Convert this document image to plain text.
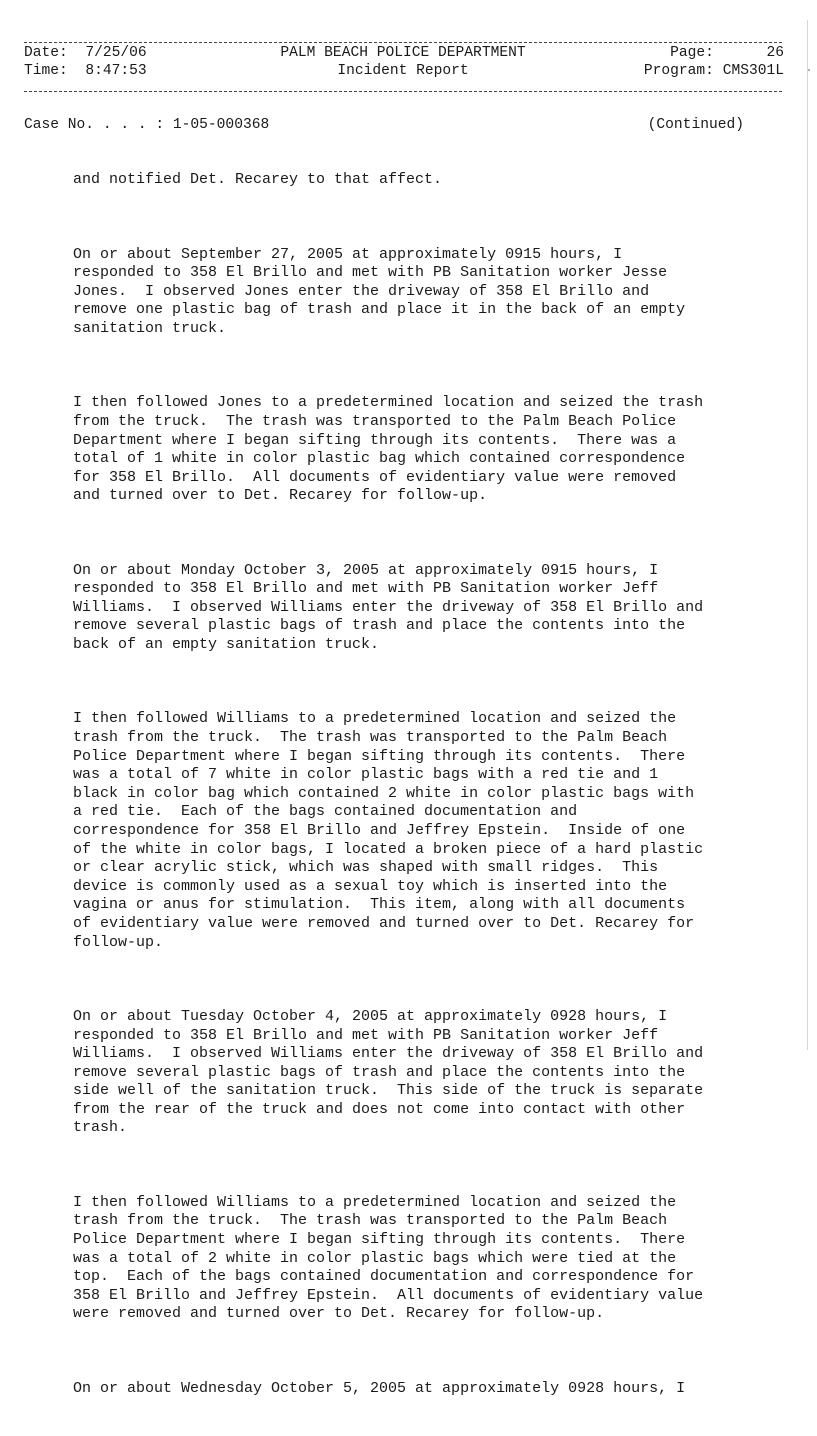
Date: 7/25/06
Time: 8:47:53
PALM BEACH POLICE DEPARTMENT
Incident Report
Page:	26
Program: CMS301L
Case No. . . . : 1-05-000368	(Continued)

and notified Det. Recarey to that affect.

On or about September 27, 2005 at approximately 0915 hours, I
responded to 358 El Brillo and met with PB Sanitation worker Jesse
Jones.  I observed Jones enter the driveway of 358 El Brillo and
remove one plastic bag of trash and place it in the back of an empty
sanitation truck.

I then followed Jones to a predetermined location and seized the trash
from the truck.  The trash was transported to the Palm Beach Police
Department where I began sifting through its contents.  There was a
total of 1 white in color plastic bag which contained correspondence
for 358 El Brillo.  All documents of evidentiary value were removed
and turned over to Det. Recarey for follow-up.

On or about Monday October 3, 2005 at approximately 0915 hours, I
responded to 358 El Brillo and met with PB Sanitation worker Jeff
Williams.  I observed Williams enter the driveway of 358 El Brillo and
remove several plastic bags of trash and place the contents into the
back of an empty sanitation truck.

I then followed Williams to a predetermined location and seized the
trash from the truck.  The trash was transported to the Palm Beach
Police Department where I began sifting through its contents.  There
was a total of 7 white in color plastic bags with a red tie and 1
black in color bag which contained 2 white in color plastic bags with
a red tie.  Each of the bags contained documentation and
correspondence for 358 El Brillo and Jeffrey Epstein.  Inside of one
of the white in color bags, I located a broken piece of a hard plastic
or clear acrylic stick, which was shaped with small ridges.  This
device is commonly used as a sexual toy which is inserted into the
vagina or anus for stimulation.  This item, along with all documents
of evidentiary value were removed and turned over to Det. Recarey for
follow-up.

On or about Tuesday October 4, 2005 at approximately 0928 hours, I
responded to 358 El Brillo and met with PB Sanitation worker Jeff
Williams.  I observed Williams enter the driveway of 358 El Brillo and
remove several plastic bags of trash and place the contents into the
side well of the sanitation truck.  This side of the truck is separate
from the rear of the truck and does not come into contact with other
trash.

I then followed Williams to a predetermined location and seized the
trash from the truck.  The trash was transported to the Palm Beach
Police Department where I began sifting through its contents.  There
was a total of 2 white in color plastic bags which were tied at the
top.  Each of the bags contained documentation and correspondence for
358 El Brillo and Jeffrey Epstein.  All documents of evidentiary value
were removed and turned over to Det. Recarey for follow-up.

On or about Wednesday October 5, 2005 at approximately 0928 hours, I
